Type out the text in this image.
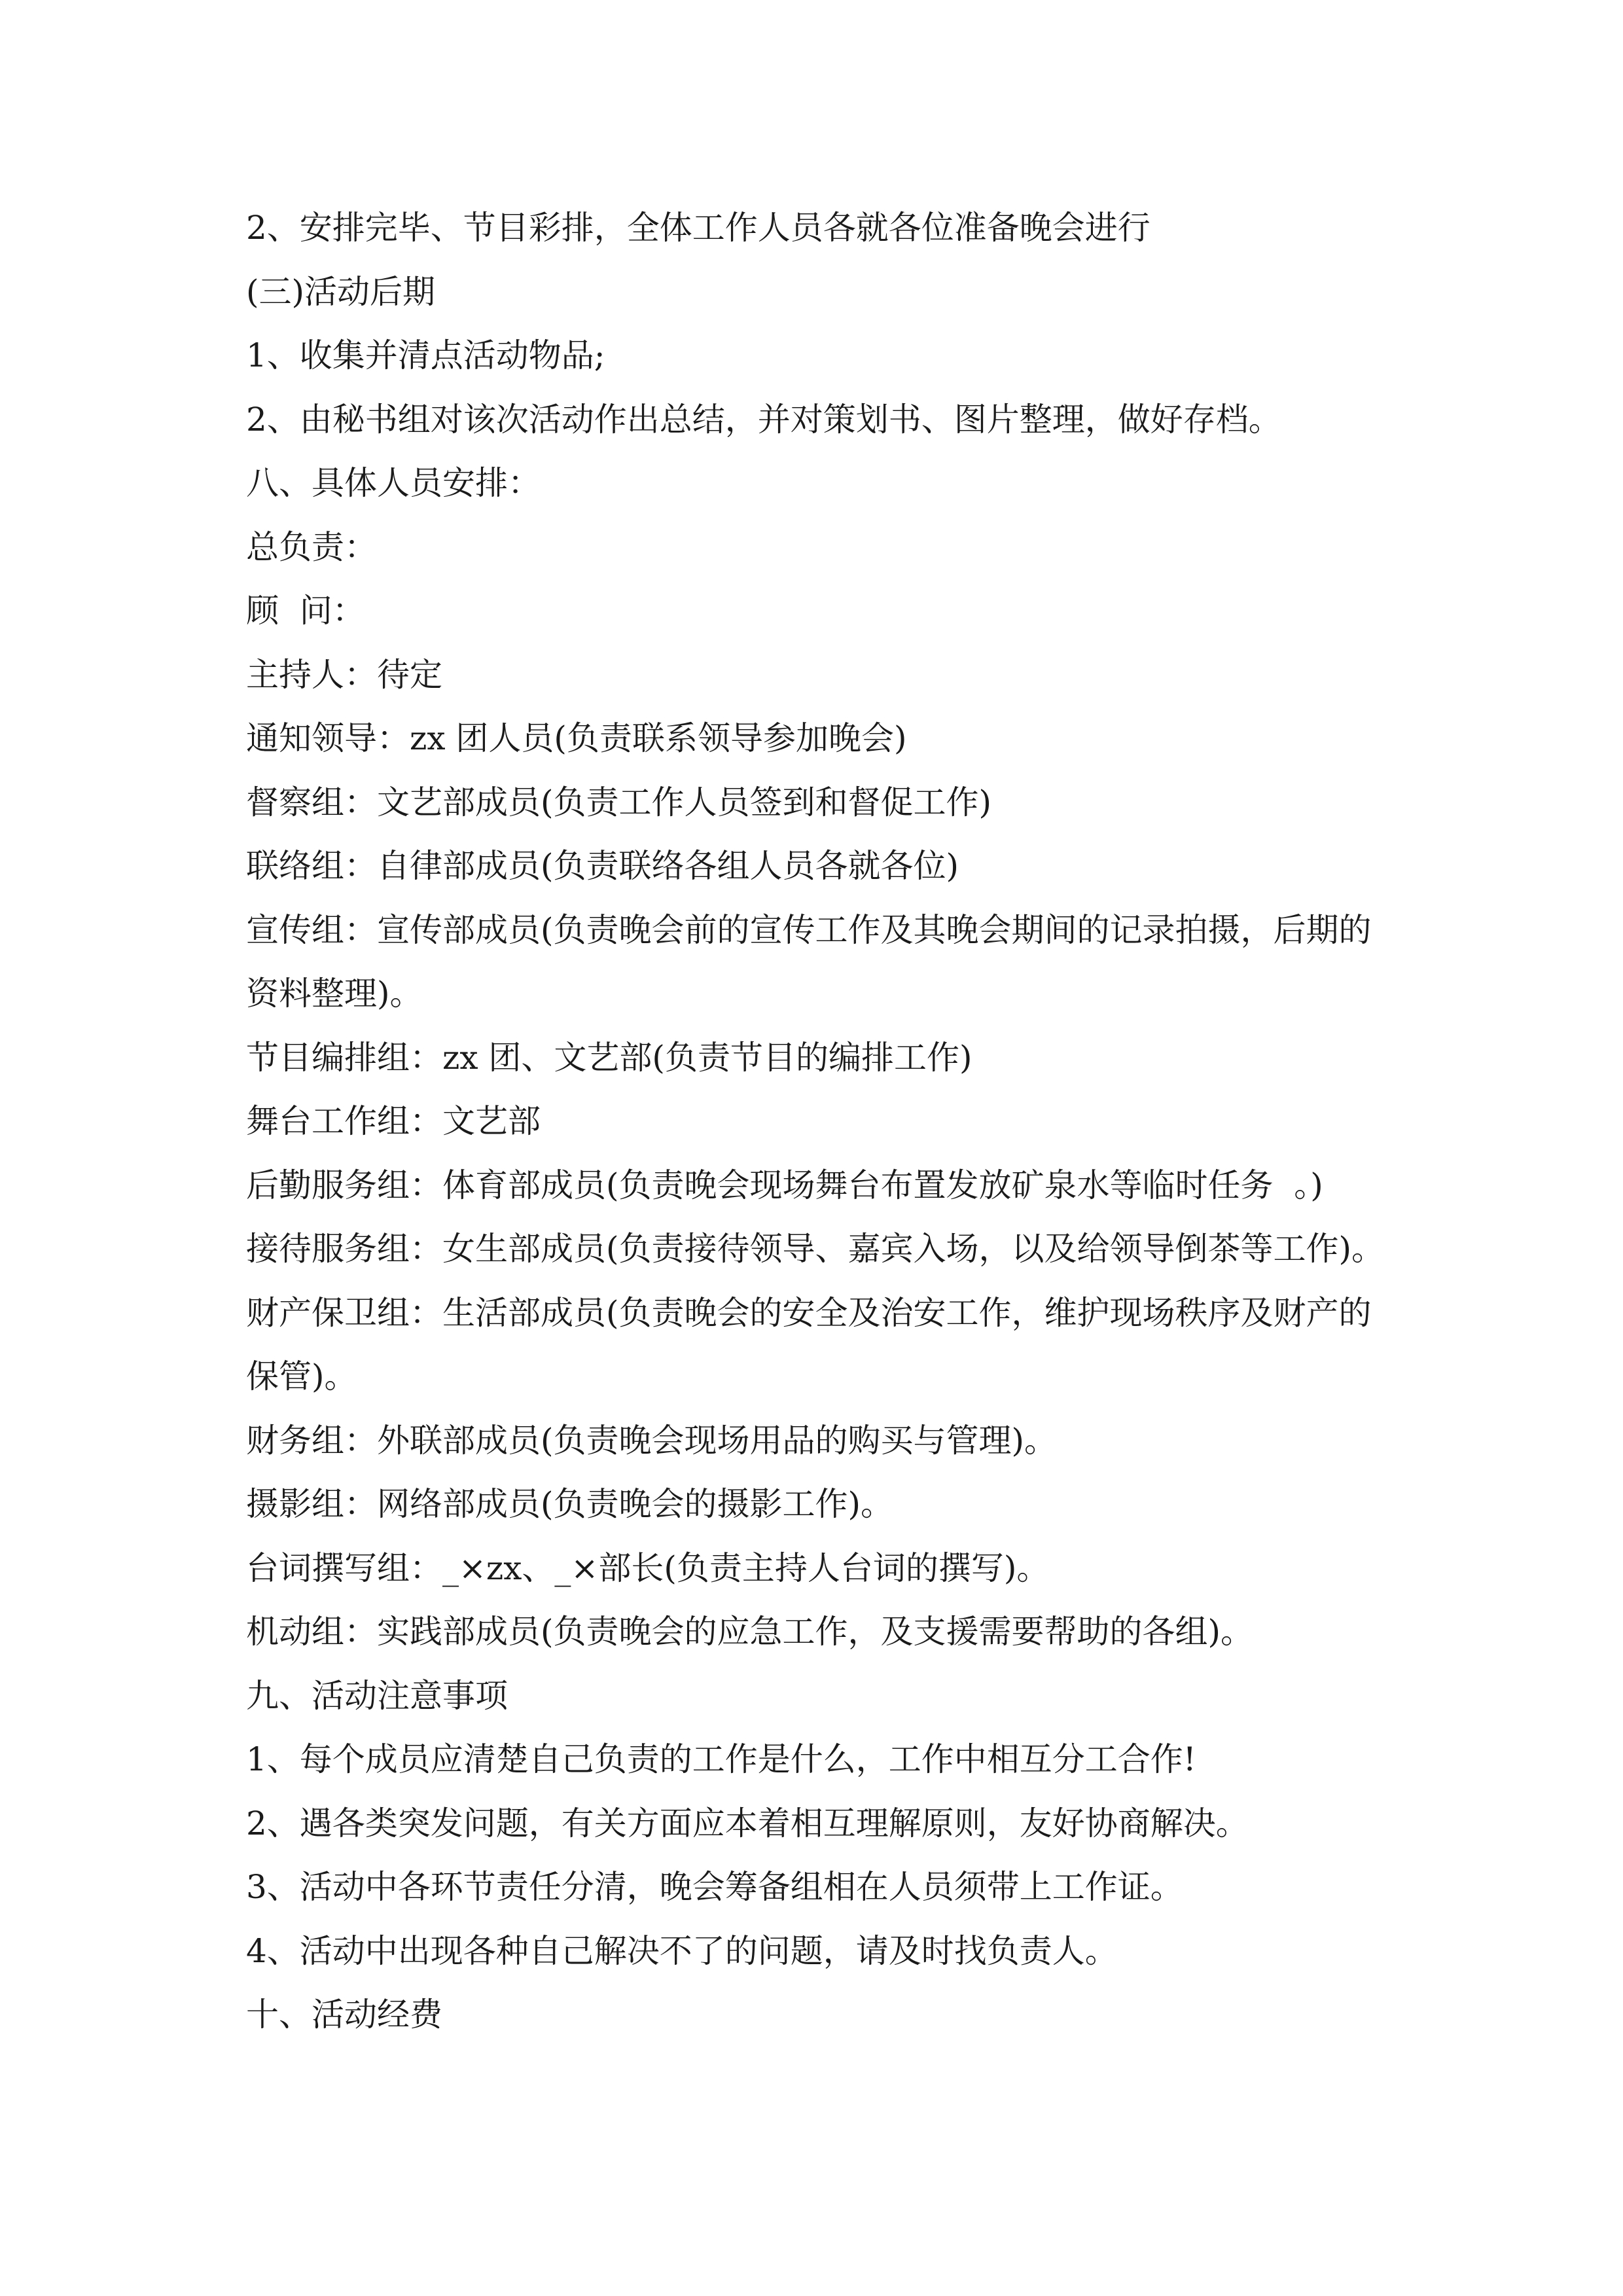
2、安排完毕、节目彩排，全体工作人员各就各位准备晚会进行
(三)活动后期
1、收集并清点活动物品;
2、由秘书组对该次活动作出总结，并对策划书、图片整理，做好存档。
八、具体人员安排：
总负责：
顾  问：
主持人：待定
通知领导：zx 团人员(负责联系领导参加晚会)
督察组：文艺部成员(负责工作人员签到和督促工作)
联络组：自律部成员(负责联络各组人员各就各位)
宣传组：宣传部成员(负责晚会前的宣传工作及其晚会期间的记录拍摄，后期的
资料整理)。
节目编排组：zx 团、文艺部(负责节目的编排工作)
舞台工作组：文艺部
后勤服务组：体育部成员(负责晚会现场舞台布置发放矿泉水等临时任务  。)
接待服务组：女生部成员(负责接待领导、嘉宾入场，以及给领导倒茶等工作)。
财产保卫组：生活部成员(负责晚会的安全及治安工作，维护现场秩序及财产的
保管)。
财务组：外联部成员(负责晚会现场用品的购买与管理)。
摄影组：网络部成员(负责晚会的摄影工作)。
台词撰写组：_×zx、_×部长(负责主持人台词的撰写)。
机动组：实践部成员(负责晚会的应急工作，及支援需要帮助的各组)。
九、活动注意事项
1、每个成员应清楚自己负责的工作是什么，工作中相互分工合作!
2、遇各类突发问题，有关方面应本着相互理解原则，友好协商解决。
3、活动中各环节责任分清，晚会筹备组相在人员须带上工作证。
4、活动中出现各种自己解决不了的问题，请及时找负责人。
十、活动经费
